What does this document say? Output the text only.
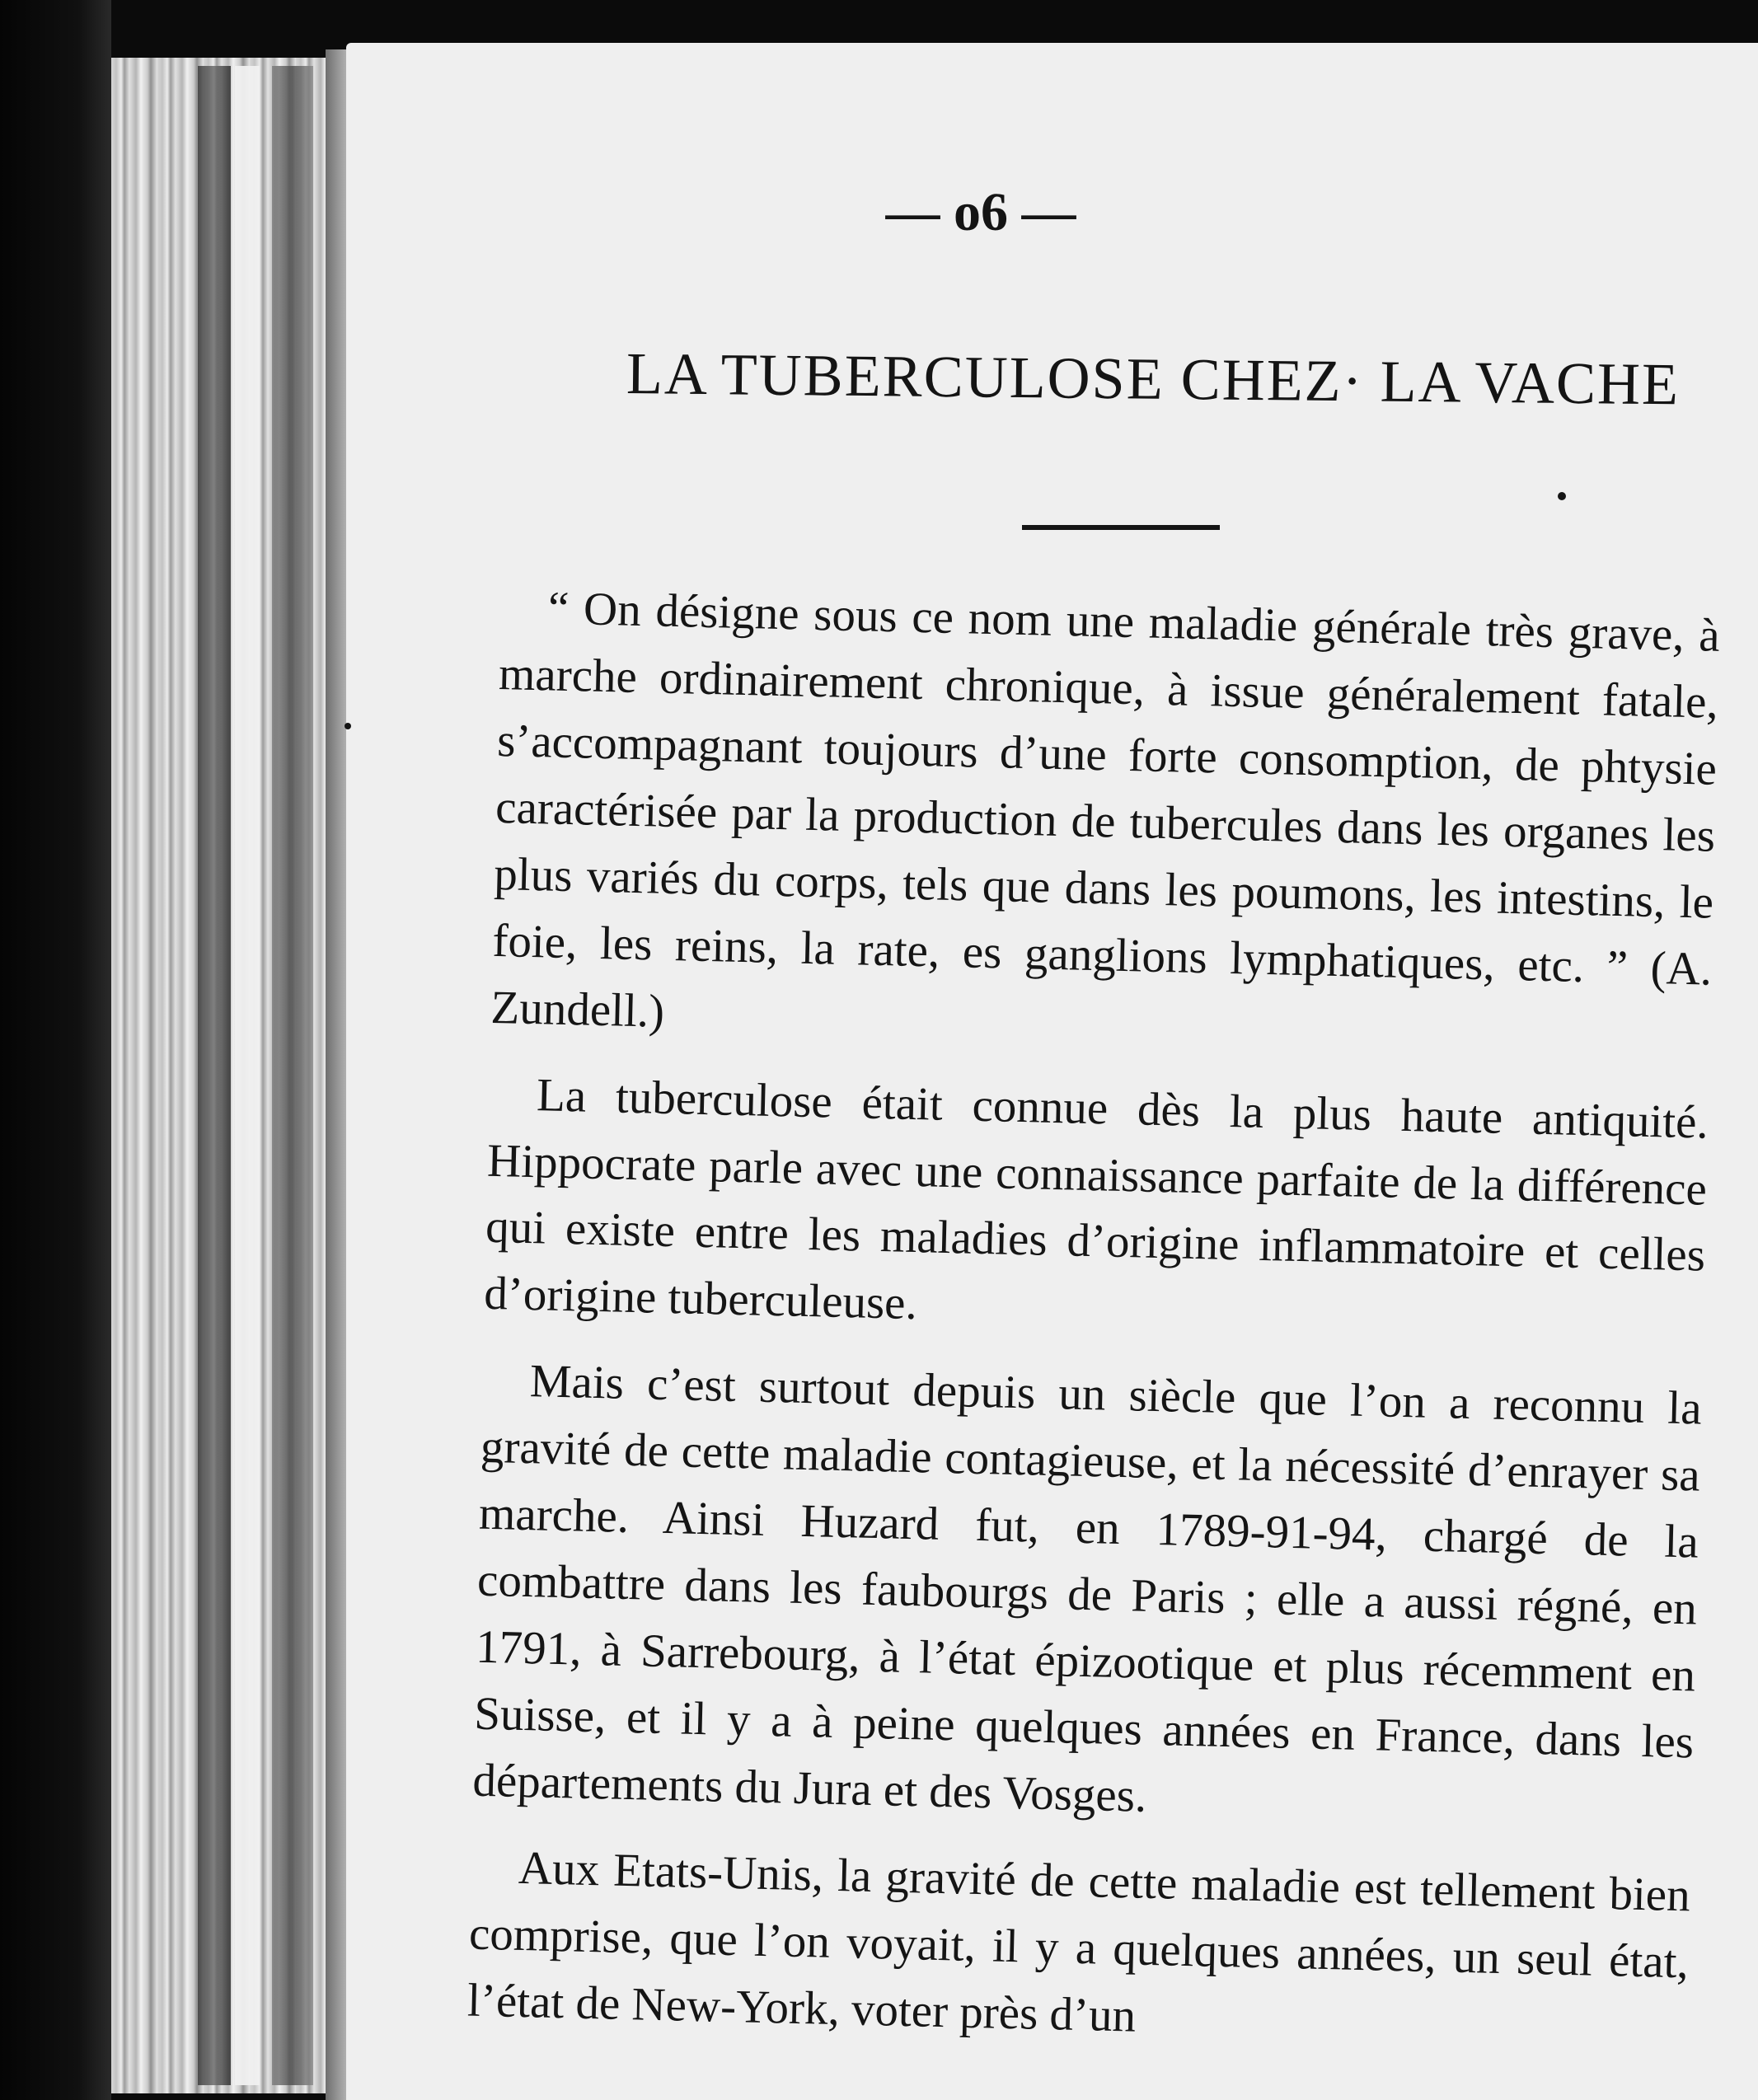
— o6 —
LA TUBERCULOSE CHEZ· LA VACHE

“ On désigne sous ce nom une maladie générale très grave, à marche ordinairement chronique, à issue généralement fatale, s’accompagnant toujours d’une forte consomption, de phtysie caractérisée par la production de tubercules dans les organes les plus variés du corps, tels que dans les poumons, les intestins, le foie, les reins, la rate, es ganglions lymphatiques, etc. ” (A. Zundell.)

La tuberculose était connue dès la plus haute antiquité. Hippocrate parle avec une connaissance parfaite de la différence qui existe entre les maladies d’origine inflammatoire et celles d’origine tuberculeuse.

Mais c’est surtout depuis un siècle que l’on a reconnu la gravité de cette maladie contagieuse, et la nécessité d’enrayer sa marche. Ainsi Huzard fut, en 1789-91-94, chargé de la combattre dans les faubourgs de Paris ; elle a aussi régné, en 1791, à Sarrebourg, à l’état épizootique et plus récemment en Suisse, et il y a à peine quelques années en France, dans les départements du Jura et des Vosges.

Aux Etats-Unis, la gravité de cette maladie est tellement bien comprise, que l’on voyait, il y a quelques années, un seul état, l’état de New-York, voter près d’un
